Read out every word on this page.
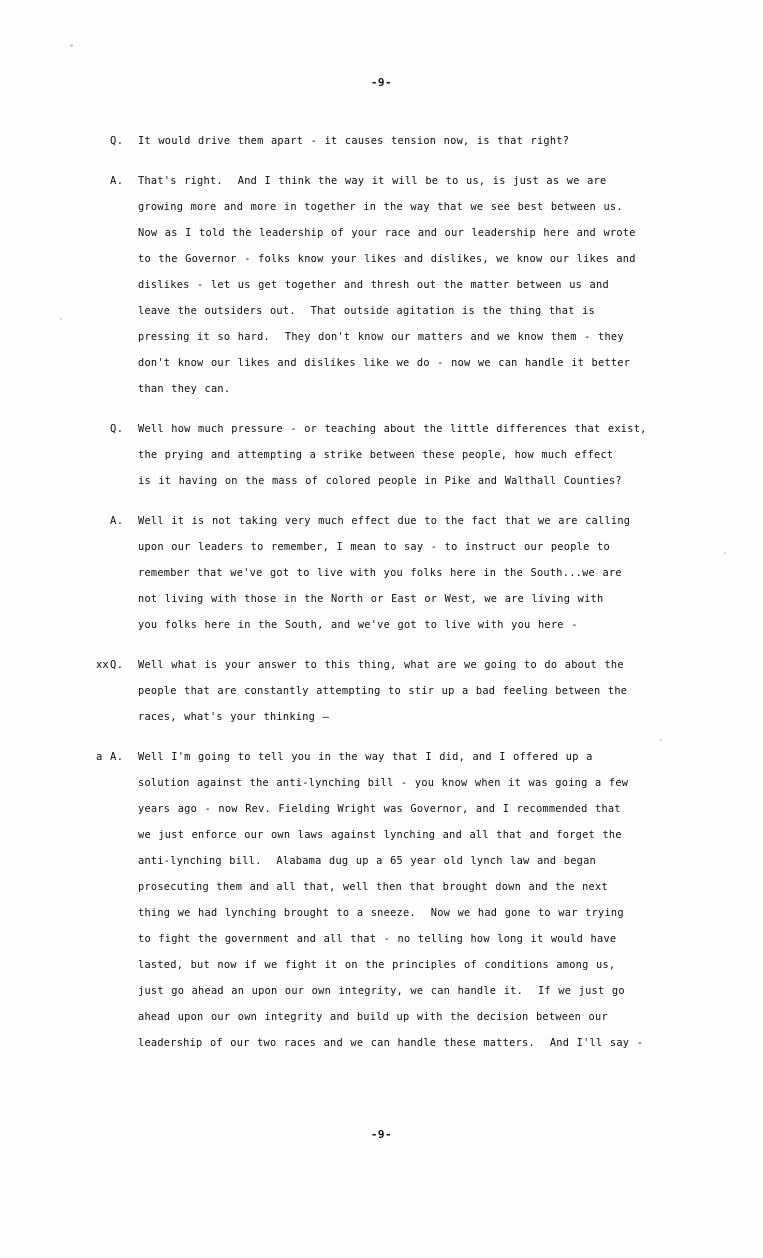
-9-
Q.	It would drive them apart - it causes tension now, is that right?
A.	That's right.  And I think the way it will be to us, is just as we are
growing more and more in together in the way that we see best between us.
Now as I told the leadership of your race and our leadership here and wrote
to the Governor - folks know your likes and dislikes, we know our likes and
dislikes - let us get together and thresh out the matter between us and
leave the outsiders out.  That outside agitation is the thing that is
pressing it so hard.  They don't know our matters and we know them - they
don't know our likes and dislikes like we do - now we can handle it better
than they can.
Q.	Well how much pressure - or teaching about the little differences that exist,
the prying and attempting a strike between these people, how much effect
is it having on the mass of colored people in Pike and Walthall Counties?
A.	Well it is not taking very much effect due to the fact that we are calling
upon our leaders to remember, I mean to say - to instruct our people to
remember that we've got to live with you folks here in the South...we are
not living with those in the North or East or West, we are living with
you folks here in the South, and we've got to live with you here -
xx Q.	Well what is your answer to this thing, what are we going to do about the
people that are constantly attempting to stir up a bad feeling between the
races, what's your thinking —
a A.	Well I'm going to tell you in the way that I did, and I offered up a
solution against the anti-lynching bill - you know when it was going a few
years ago - now Rev. Fielding Wright was Governor, and I recommended that
we just enforce our own laws against lynching and all that and forget the
anti-lynching bill.  Alabama dug up a 65 year old lynch law and began
prosecuting them and all that, well then that brought down and the next
thing we had lynching brought to a sneeze.  Now we had gone to war trying
to fight the government and all that - no telling how long it would have
lasted, but now if we fight it on the principles of conditions among us,
just go ahead an upon our own integrity, we can handle it.  If we just go
ahead upon our own integrity and build up with the decision between our
leadership of our two races and we can handle these matters.  And I'll say -
-9-
